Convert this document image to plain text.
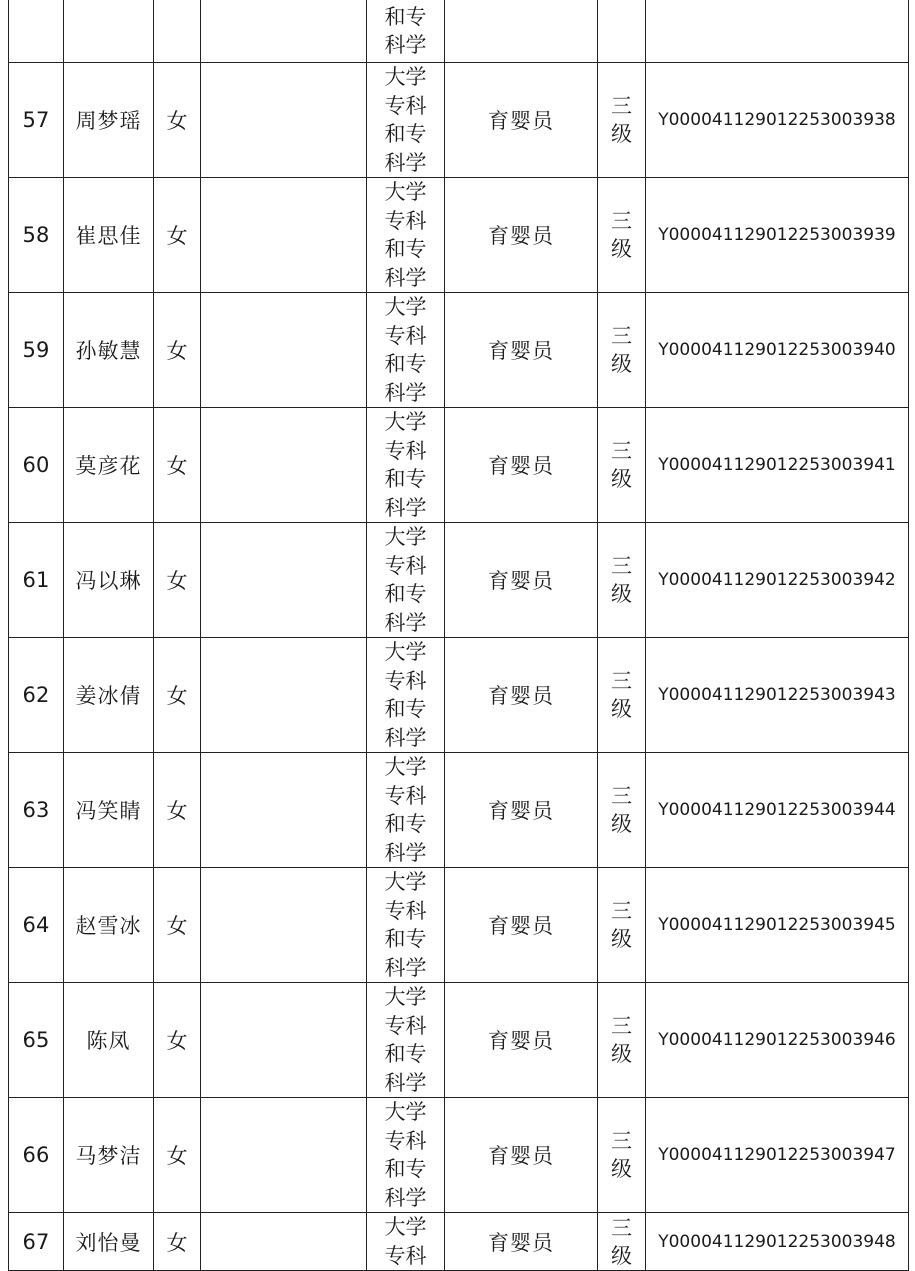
				和专科学			
57	周梦瑶	女		大学专科和专科学	育婴员	三级	Y000041129012253003938
58	崔思佳	女		大学专科和专科学	育婴员	三级	Y000041129012253003939
59	孙敏慧	女		大学专科和专科学	育婴员	三级	Y000041129012253003940
60	莫彦花	女		大学专科和专科学	育婴员	三级	Y000041129012253003941
61	冯以琳	女		大学专科和专科学	育婴员	三级	Y000041129012253003942
62	姜冰倩	女		大学专科和专科学	育婴员	三级	Y000041129012253003943
63	冯笑睛	女		大学专科和专科学	育婴员	三级	Y000041129012253003944
64	赵雪冰	女		大学专科和专科学	育婴员	三级	Y000041129012253003945
65	陈凤	女		大学专科和专科学	育婴员	三级	Y000041129012253003946
66	马梦洁	女		大学专科和专科学	育婴员	三级	Y000041129012253003947
67	刘怡曼	女		大学专科	育婴员	三级	Y000041129012253003948
